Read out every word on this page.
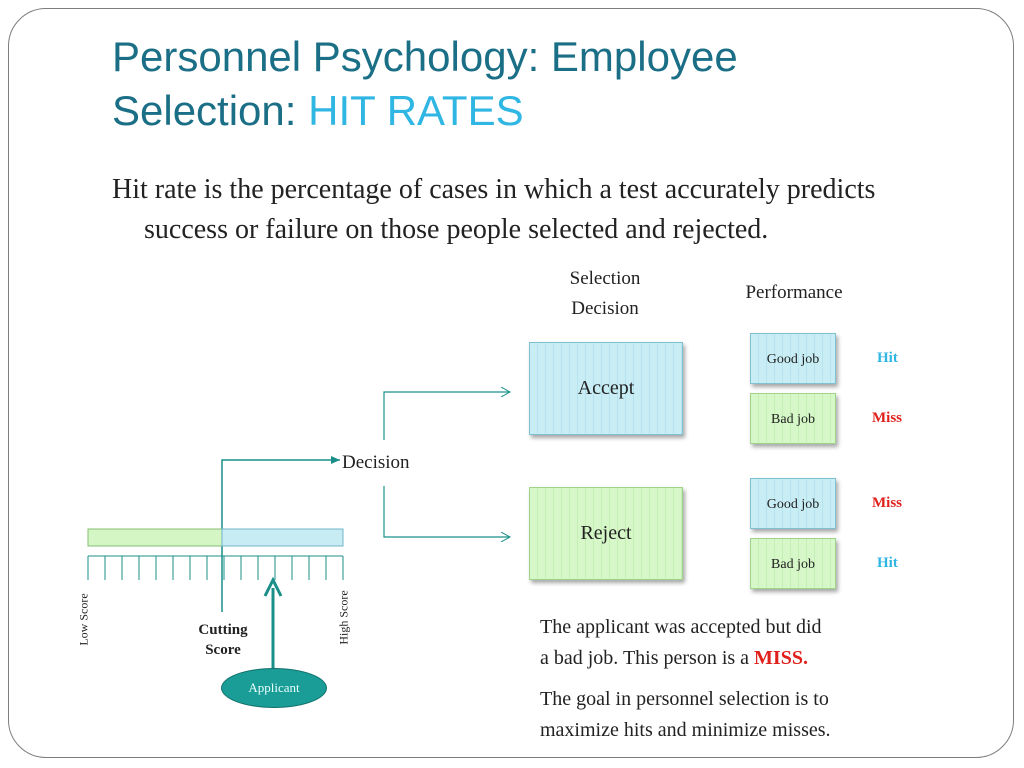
Personnel Psychology: Employee
Selection: HIT RATES
Hit rate is the percentage of cases in which a test accurately predicts success or failure on those people selected and rejected.
Selection
Decision
Performance
Decision
Accept
Reject
Good job
Bad job
Good job
Bad job
Hit
Miss
Miss
Hit
Low Score	High Score
Cutting
Score
Applicant
The applicant was accepted but did
a bad job. This person is a MISS.
The goal in personnel selection is to
maximize hits and minimize misses.
